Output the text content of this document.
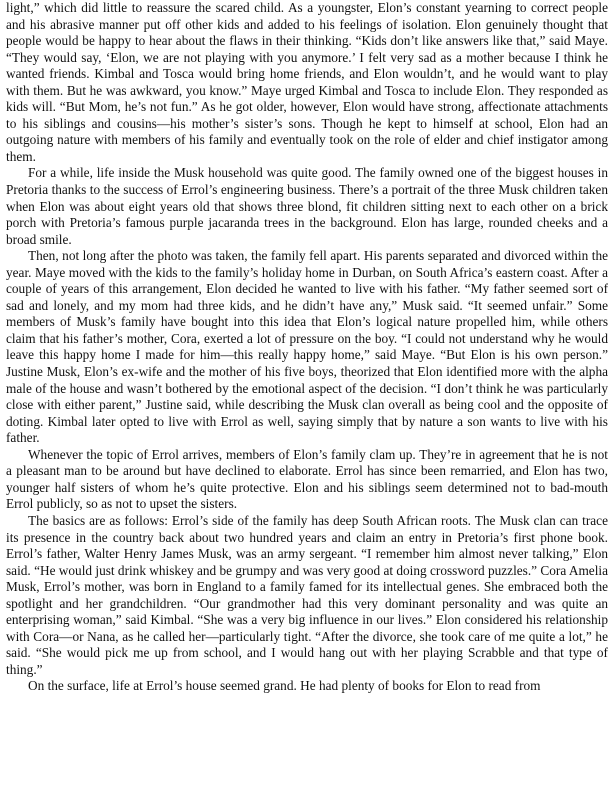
light,” which did little to reassure the scared child. As a youngster, Elon’s constant yearning to correct people and his abrasive manner put off other kids and added to his feelings of isolation. Elon genuinely thought that people would be happy to hear about the flaws in their thinking. “Kids don’t like answers like that,” said Maye. “They would say, ‘Elon, we are not playing with you anymore.’ I felt very sad as a mother because I think he wanted friends. Kimbal and Tosca would bring home friends, and Elon wouldn’t, and he would want to play with them. But he was awkward, you know.” Maye urged Kimbal and Tosca to include Elon. They responded as kids will. “But Mom, he’s not fun.” As he got older, however, Elon would have strong, affectionate attachments to his siblings and cousins—his mother’s sister’s sons. Though he kept to himself at school, Elon had an outgoing nature with members of his family and eventually took on the role of elder and chief instigator among them.

For a while, life inside the Musk household was quite good. The family owned one of the biggest houses in Pretoria thanks to the success of Errol’s engineering business. There’s a portrait of the three Musk children taken when Elon was about eight years old that shows three blond, fit children sitting next to each other on a brick porch with Pretoria’s famous purple jacaranda trees in the background. Elon has large, rounded cheeks and a broad smile.

Then, not long after the photo was taken, the family fell apart. His parents separated and divorced within the year. Maye moved with the kids to the family’s holiday home in Durban, on South Africa’s eastern coast. After a couple of years of this arrangement, Elon decided he wanted to live with his father. “My father seemed sort of sad and lonely, and my mom had three kids, and he didn’t have any,” Musk said. “It seemed unfair.” Some members of Musk’s family have bought into this idea that Elon’s logical nature propelled him, while others claim that his father’s mother, Cora, exerted a lot of pressure on the boy. “I could not understand why he would leave this happy home I made for him—this really happy home,” said Maye. “But Elon is his own person.” Justine Musk, Elon’s ex-wife and the mother of his five boys, theorized that Elon identified more with the alpha male of the house and wasn’t bothered by the emotional aspect of the decision. “I don’t think he was particularly close with either parent,” Justine said, while describing the Musk clan overall as being cool and the opposite of doting. Kimbal later opted to live with Errol as well, saying simply that by nature a son wants to live with his father.

Whenever the topic of Errol arrives, members of Elon’s family clam up. They’re in agreement that he is not a pleasant man to be around but have declined to elaborate. Errol has since been remarried, and Elon has two, younger half sisters of whom he’s quite protective. Elon and his siblings seem determined not to bad-mouth Errol publicly, so as not to upset the sisters.

The basics are as follows: Errol’s side of the family has deep South African roots. The Musk clan can trace its presence in the country back about two hundred years and claim an entry in Pretoria’s first phone book. Errol’s father, Walter Henry James Musk, was an army sergeant. “I remember him almost never talking,” Elon said. “He would just drink whiskey and be grumpy and was very good at doing crossword puzzles.” Cora Amelia Musk, Errol’s mother, was born in England to a family famed for its intellectual genes. She embraced both the spotlight and her grandchildren. “Our grandmother had this very dominant personality and was quite an enterprising woman,” said Kimbal. “She was a very big influence in our lives.” Elon considered his relationship with Cora—or Nana, as he called her—particularly tight. “After the divorce, she took care of me quite a lot,” he said. “She would pick me up from school, and I would hang out with her playing Scrabble and that type of thing.”

On the surface, life at Errol’s house seemed grand. He had plenty of books for Elon to read from
